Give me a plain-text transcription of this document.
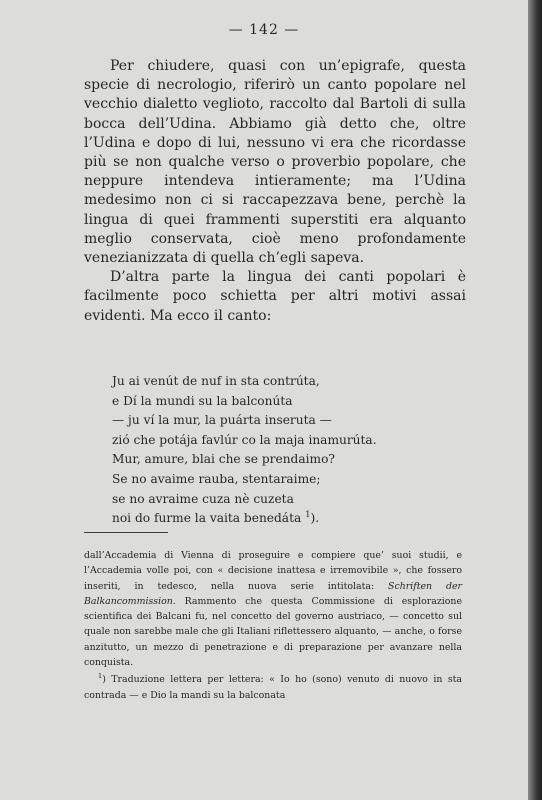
— 142 —

Per chiudere, quasi con un’epigrafe, questa specie di necrologio, riferirò un canto popolare nel vecchio dialetto veglioto, raccolto dal Bartoli di sulla bocca dell’Udina. Abbiamo già detto che, oltre l’Udina e dopo di lui, nessuno vi era che ricordasse più se non qualche verso o proverbio popolare, che neppure intendeva intieramente; ma l’Udina medesimo non ci si raccapezzava bene, perchè la lingua di quei frammenti superstiti era alquanto meglio conservata, cioè meno profondamente venezianizzata di quella ch’egli sapeva.

D’altra parte la lingua dei canti popolari è facilmente poco schietta per altri motivi assai evidenti. Ma ecco il canto:

Ju ai venút de nuf in sta contrúta,
e Dí la mundi su la balconúta
— ju ví la mur, la puárta inseruta —
zió che potája favlúr co la maja inamurúta.
Mur, amure, blai che se prendaimo?
Se no avaime rauba, stentaraime;
se no avraime cuza nè cuzeta
noi do furme la vaita benedáta $^1$).

dall’Accademia di Vienna di proseguire e compiere que’ suoi studii, e l’Accademia volle poi, con « decisione inattesa e irremovibile », che fossero inseriti, in tedesco, nella nuova serie intitolata: Schriften der Balkancommission. Rammento che questa Commissione di esplorazione scientifica dei Balcani fu, nel concetto del governo austriaco, — concetto sul quale non sarebbe male che gli Italiani riflettessero alquanto, — anche, o forse anzitutto, un mezzo di penetrazione e di preparazione per avanzare nella conquista.

$^1$) Traduzione lettera per lettera: « Io ho (sono) venuto di nuovo in sta contrada — e Dio la mandi su la balconata
